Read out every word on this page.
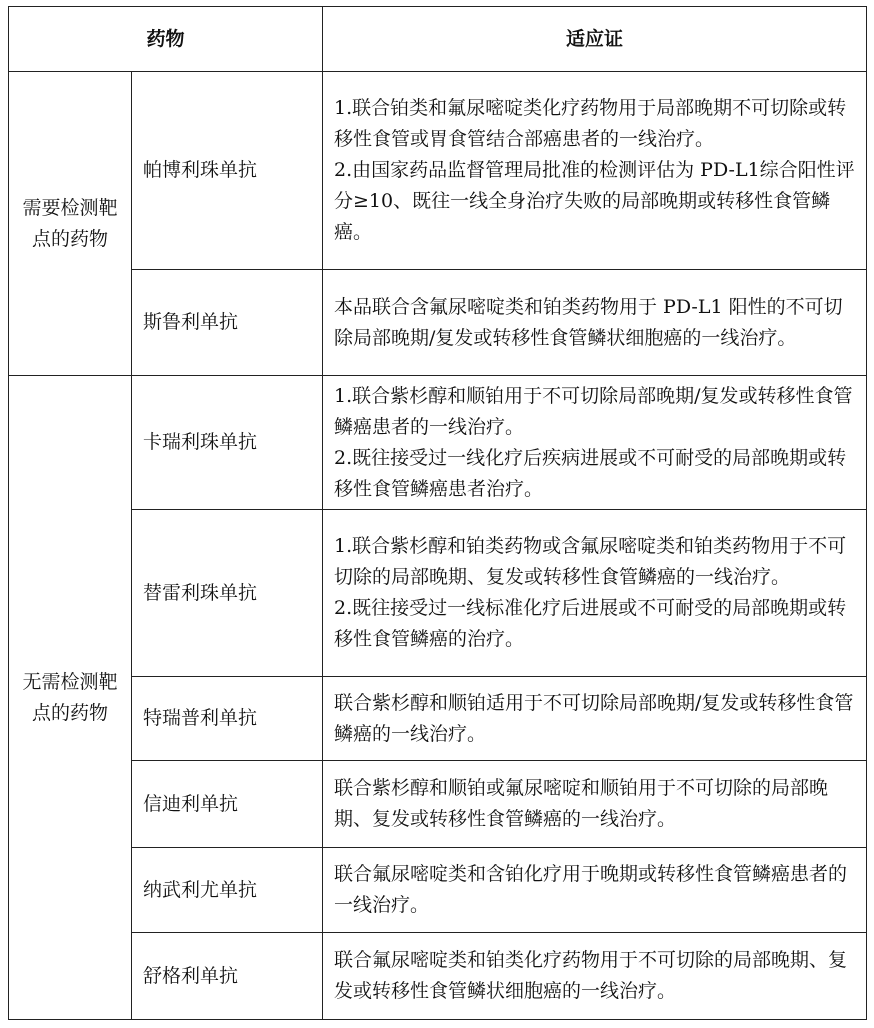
药物		适应证
需要检测靶点的药物	帕博利珠单抗	1.联合铂类和氟尿嘧啶类化疗药物用于局部晚期不可切除或转移性食管或胃食管结合部癌患者的一线治疗。
2.由国家药品监督管理局批准的检测评估为 PD-L1综合阳性评分≥10、既往一线全身治疗失败的局部晚期或转移性食管鳞癌。

	斯鲁利单抗	本品联合含氟尿嘧啶类和铂类药物用于 PD-L1 阳性的不可切除局部晚期/复发或转移性食管鳞状细胞癌的一线治疗。

无需检测靶点的药物	卡瑞利珠单抗	1.联合紫杉醇和顺铂用于不可切除局部晚期/复发或转移性食管鳞癌患者的一线治疗。
2.既往接受过一线化疗后疾病进展或不可耐受的局部晚期或转移性食管鳞癌患者治疗。

	替雷利珠单抗	1.联合紫杉醇和铂类药物或含氟尿嘧啶类和铂类药物用于不可切除的局部晚期、复发或转移性食管鳞癌的一线治疗。
2.既往接受过一线标准化疗后进展或不可耐受的局部晚期或转移性食管鳞癌的治疗。

	特瑞普利单抗	联合紫杉醇和顺铂适用于不可切除局部晚期/复发或转移性食管鳞癌的一线治疗。

	信迪利单抗	联合紫杉醇和顺铂或氟尿嘧啶和顺铂用于不可切除的局部晚期、复发或转移性食管鳞癌的一线治疗。

	纳武利尤单抗	联合氟尿嘧啶类和含铂化疗用于晚期或转移性食管鳞癌患者的一线治疗。

	舒格利单抗	联合氟尿嘧啶类和铂类化疗药物用于不可切除的局部晚期、复发或转移性食管鳞状细胞癌的一线治疗。
